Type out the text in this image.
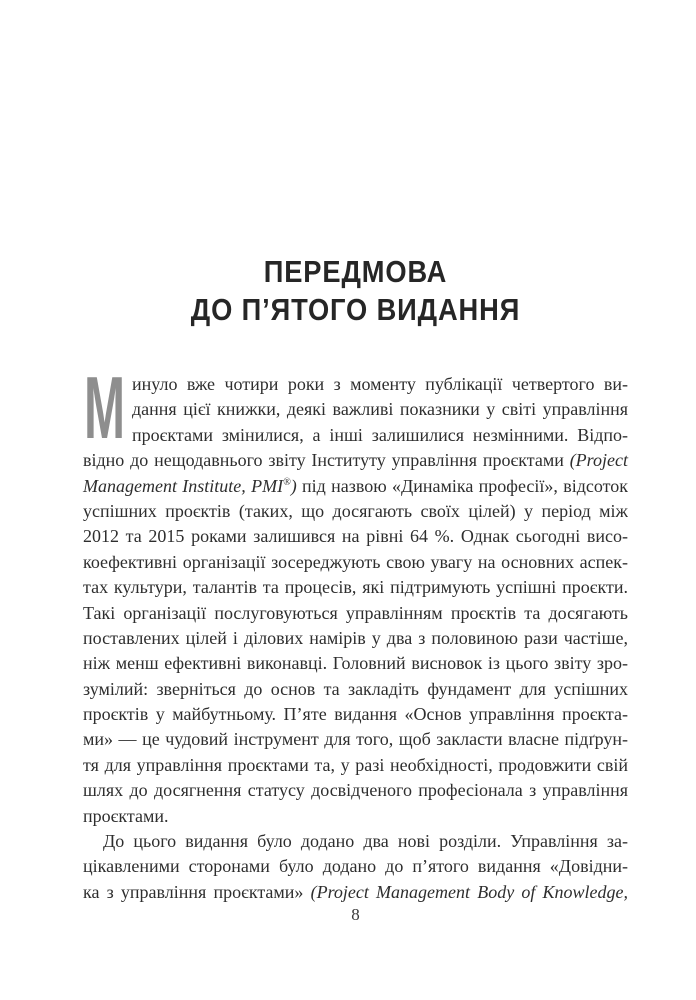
ПЕРЕДМОВА
ДО П’ЯТОГО ВИДАННЯ
М инуло вже чотири роки з моменту публікації четвертого ви-
дання цієї книжки, деякі важливі показники у світі управління
проєктами змінилися, а інші залишилися незмінними. Відпо-
відно до нещодавнього звіту Інституту управління проєктами (Project
Management Institute, PMI®) під назвою «Динаміка професії», відсоток
успішних проєктів (таких, що досягають своїх цілей) у період між
2012 та 2015 роками залишився на рівні 64 %. Однак сьогодні висо-
коефективні організації зосереджують свою увагу на основних аспек-
тах культури, талантів та процесів, які підтримують успішні проєкти.
Такі організації послуговуються управлінням проєктів та досягають
поставлених цілей і ділових намірів у два з половиною рази частіше,
ніж менш ефективні виконавці. Головний висновок із цього звіту зро-
зумілий: зверніться до основ та закладіть фундамент для успішних
проєктів у майбутньому. П’яте видання «Основ управління проєкта-
ми» — це чудовий інструмент для того, щоб закласти власне підґрун-
тя для управління проєктами та, у разі необхідності, продовжити свій
шлях до досягнення статусу досвідченого професіонала з управління
проєктами.
До цього видання було додано два нові розділи. Управління за-
цікавленими сторонами було додано до п’ятого видання «Довідни-
ка з управління проєктами» (Project Management Body of Knowledge,
8
